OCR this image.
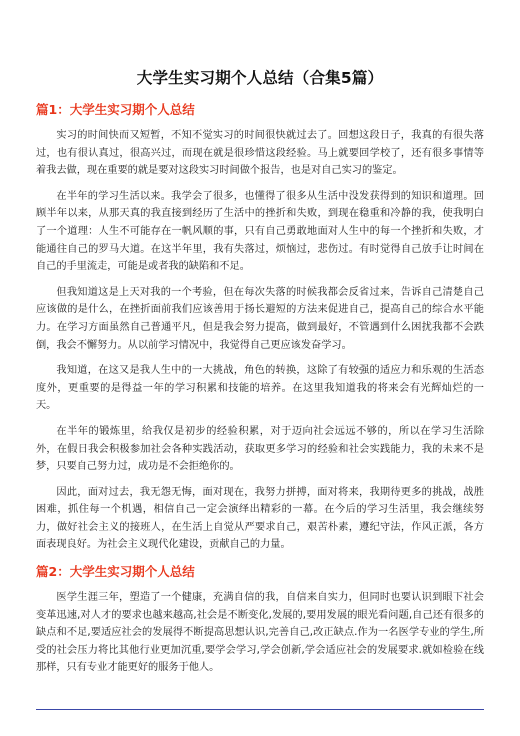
大学生实习期个人总结（合集5篇）
篇1：大学生实习期个人总结

实习的时间快而又短暂，不知不觉实习的时间很快就过去了。回想这段日子，我真的有很失落过，也有很认真过，很高兴过，而现在就是很珍惜这段经验。马上就要回学校了，还有很多事情等着我去做，现在重要的就是要对这段实习时间做个报告，也是对自己实习的鉴定。

在半年的学习生活以来。我学会了很多，也懂得了很多从生活中没发获得到的知识和道理。回顾半年以来，从那天真的我直接到经历了生活中的挫折和失败，到现在稳重和冷静的我，使我明白了一个道理：人生不可能存在一帆风顺的事，只有自己勇敢地面对人生中的每一个挫折和失败，才能通往自己的罗马大道。在这半年里，我有失落过，烦恼过，悲伤过。有时觉得自己放手让时间在自己的手里流走，可能是或者我的缺陷和不足。

但我知道这是上天对我的一个考验，但在每次失落的时候我都会反省过来，告诉自己清楚自己应该做的是什么，在挫折面前我们应该善用于扬长避短的方法来促进自己，提高自己的综合水平能力。在学习方面虽然自己普通平凡，但是我会努力提高，做到最好，不管遇到什么困扰我都不会跌倒，我会不懈努力。从以前学习情况中，我觉得自己更应该发奋学习。

我知道，在这又是我人生中的一大挑战，角色的转换，这除了有较强的适应力和乐观的生活态度外，更重要的是得益一年的学习积累和技能的培养。在这里我知道我的将来会有光辉灿烂的一天。

在半年的锻炼里，给我仅是初步的经验积累，对于迈向社会远远不够的，所以在学习生活除外，在假日我会积极参加社会各种实践活动，获取更多学习的经验和社会实践能力，我的未来不是梦，只要自己努力过，成功是不会拒绝你的。

因此，面对过去，我无怨无悔，面对现在，我努力拼搏，面对将来，我期待更多的挑战，战胜困难，抓住每一个机遇，相信自己一定会演绎出精彩的一幕。在今后的学习生活里，我会继续努力，做好社会主义的接班人，在生活上自觉从严要求自己，艰苦朴素，遵纪守法，作风正派，各方面表现良好。为社会主义现代化建设，贡献自己的力量。

篇2：大学生实习期个人总结

医学生涯三年，塑造了一个健康，充满自信的我，自信来自实力，但同时也要认识到眼下社会变革迅速,对人才的要求也越来越高,社会是不断变化,发展的,要用发展的眼光看问题,自己还有很多的缺点和不足,要适应社会的发展得不断提高思想认识,完善自己,改正缺点.作为一名医学专业的学生,所受的社会压力将比其他行业更加沉重,要学会学习,学会创新,学会适应社会的发展要求.就如检验在线那样，只有专业才能更好的服务于他人。
